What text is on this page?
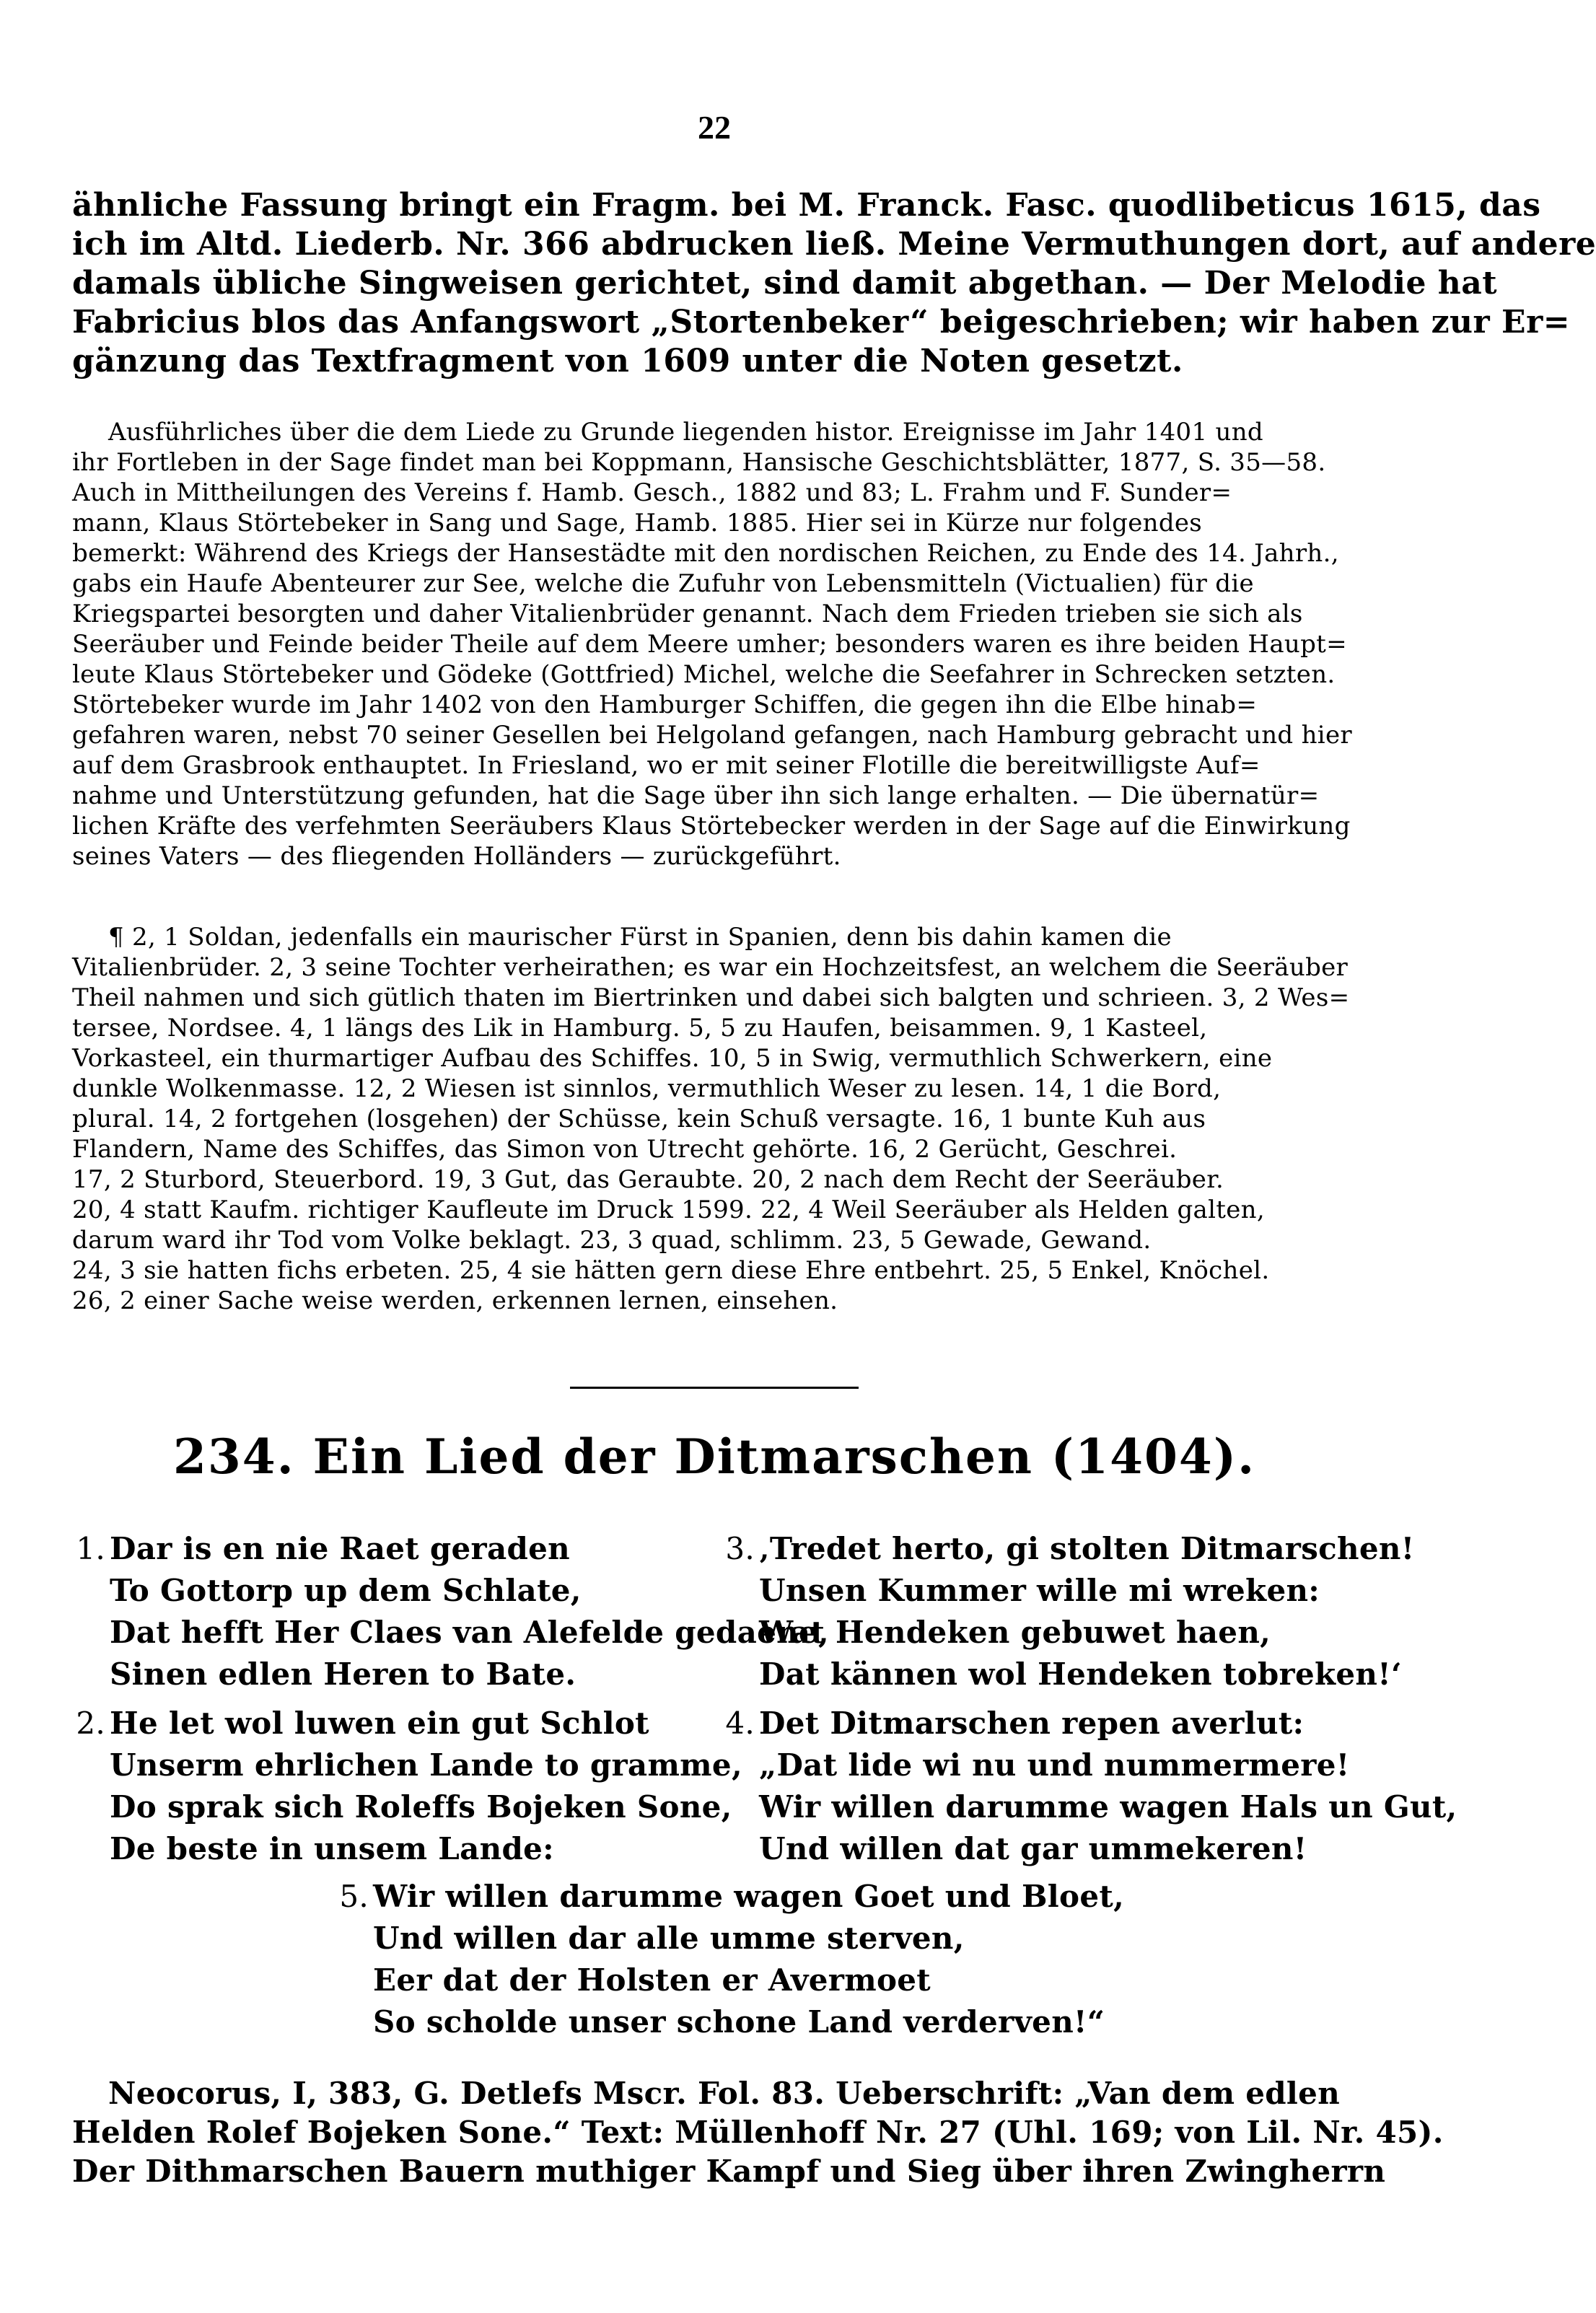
22
ähnliche Fassung bringt ein Fragm. bei M. Franck. Fasc. quodlibeticus 1615, das
ich im Altd. Liederb. Nr. 366 abdrucken ließ. Meine Vermuthungen dort, auf andere
damals übliche Singweisen gerichtet, sind damit abgethan. — Der Melodie hat
Fabricius blos das Anfangswort „Stortenbeker“ beigeschrieben; wir haben zur Er=
gänzung das Textfragment von 1609 unter die Noten gesetzt.
Ausführliches über die dem Liede zu Grunde liegenden histor. Ereignisse im Jahr 1401 und
ihr Fortleben in der Sage findet man bei Koppmann, Hansische Geschichtsblätter, 1877, S. 35—58.
Auch in Mittheilungen des Vereins f. Hamb. Gesch., 1882 und 83; L. Frahm und F. Sunder=
mann, Klaus Störtebeker in Sang und Sage, Hamb. 1885. Hier sei in Kürze nur folgendes
bemerkt: Während des Kriegs der Hansestädte mit den nordischen Reichen, zu Ende des 14. Jahrh.,
gabs ein Haufe Abenteurer zur See, welche die Zufuhr von Lebensmitteln (Victualien) für die
Kriegspartei besorgten und daher Vitalienbrüder genannt. Nach dem Frieden trieben sie sich als
Seeräuber und Feinde beider Theile auf dem Meere umher; besonders waren es ihre beiden Haupt=
leute Klaus Störtebeker und Gödeke (Gottfried) Michel, welche die Seefahrer in Schrecken setzten.
Störtebeker wurde im Jahr 1402 von den Hamburger Schiffen, die gegen ihn die Elbe hinab=
gefahren waren, nebst 70 seiner Gesellen bei Helgoland gefangen, nach Hamburg gebracht und hier
auf dem Grasbrook enthauptet. In Friesland, wo er mit seiner Flotille die bereitwilligste Auf=
nahme und Unterstützung gefunden, hat die Sage über ihn sich lange erhalten. — Die übernatür=
lichen Kräfte des verfehmten Seeräubers Klaus Störtebecker werden in der Sage auf die Einwirkung
seines Vaters — des fliegenden Holländers — zurückgeführt.
¶ 2, 1 Soldan, jedenfalls ein maurischer Fürst in Spanien, denn bis dahin kamen die
Vitalienbrüder. 2, 3 seine Tochter verheirathen; es war ein Hochzeitsfest, an welchem die Seeräuber
Theil nahmen und sich gütlich thaten im Biertrinken und dabei sich balgten und schrieen. 3, 2 Wes=
tersee, Nordsee. 4, 1 längs des Lik in Hamburg. 5, 5 zu Haufen, beisammen. 9, 1 Kasteel,
Vorkasteel, ein thurmartiger Aufbau des Schiffes. 10, 5 in Swig, vermuthlich Schwerkern, eine
dunkle Wolkenmasse. 12, 2 Wiesen ist sinnlos, vermuthlich Weser zu lesen. 14, 1 die Bord,
plural. 14, 2 fortgehen (losgehen) der Schüsse, kein Schuß versagte. 16, 1 bunte Kuh aus
Flandern, Name des Schiffes, das Simon von Utrecht gehörte. 16, 2 Gerücht, Geschrei.
17, 2 Sturbord, Steuerbord. 19, 3 Gut, das Geraubte. 20, 2 nach dem Recht der Seeräuber.
20, 4 statt Kaufm. richtiger Kaufleute im Druck 1599. 22, 4 Weil Seeräuber als Helden galten,
darum ward ihr Tod vom Volke beklagt. 23, 3 quad, schlimm. 23, 5 Gewade, Gewand.
24, 3 sie hatten fichs erbeten. 25, 4 sie hätten gern diese Ehre entbehrt. 25, 5 Enkel, Knöchel.
26, 2 einer Sache weise werden, erkennen lernen, einsehen.
234. Ein Lied der Ditmarschen (1404).
1. Dar is en nie Raet geraden
To Gottorp up dem Schlate,
Dat hefft Her Claes van Alefelde gedaene,
Sinen edlen Heren to Bate.
2. He let wol luwen ein gut Schlot
Unserm ehrlichen Lande to gramme,
Do sprak sich Roleffs Bojeken Sone,
De beste in unsem Lande:
3. ‚Tredet herto, gi stolten Ditmarschen!
Unsen Kummer wille mi wreken:
Wat Hendeken gebuwet haen,
Dat kännen wol Hendeken tobreken!‘
4. Det Ditmarschen repen averlut:
„Dat lide wi nu und nummermere!
Wir willen darumme wagen Hals un Gut,
Und willen dat gar ummekeren!
5. Wir willen darumme wagen Goet und Bloet,
Und willen dar alle umme sterven,
Eer dat der Holsten er Avermoet
So scholde unser schone Land verderven!“
Neocorus, I, 383, G. Detlefs Mscr. Fol. 83. Ueberschrift: „Van dem edlen
Helden Rolef Bojeken Sone.“ Text: Müllenhoff Nr. 27 (Uhl. 169; von Lil. Nr. 45).
Der Dithmarschen Bauern muthiger Kampf und Sieg über ihren Zwingherrn
